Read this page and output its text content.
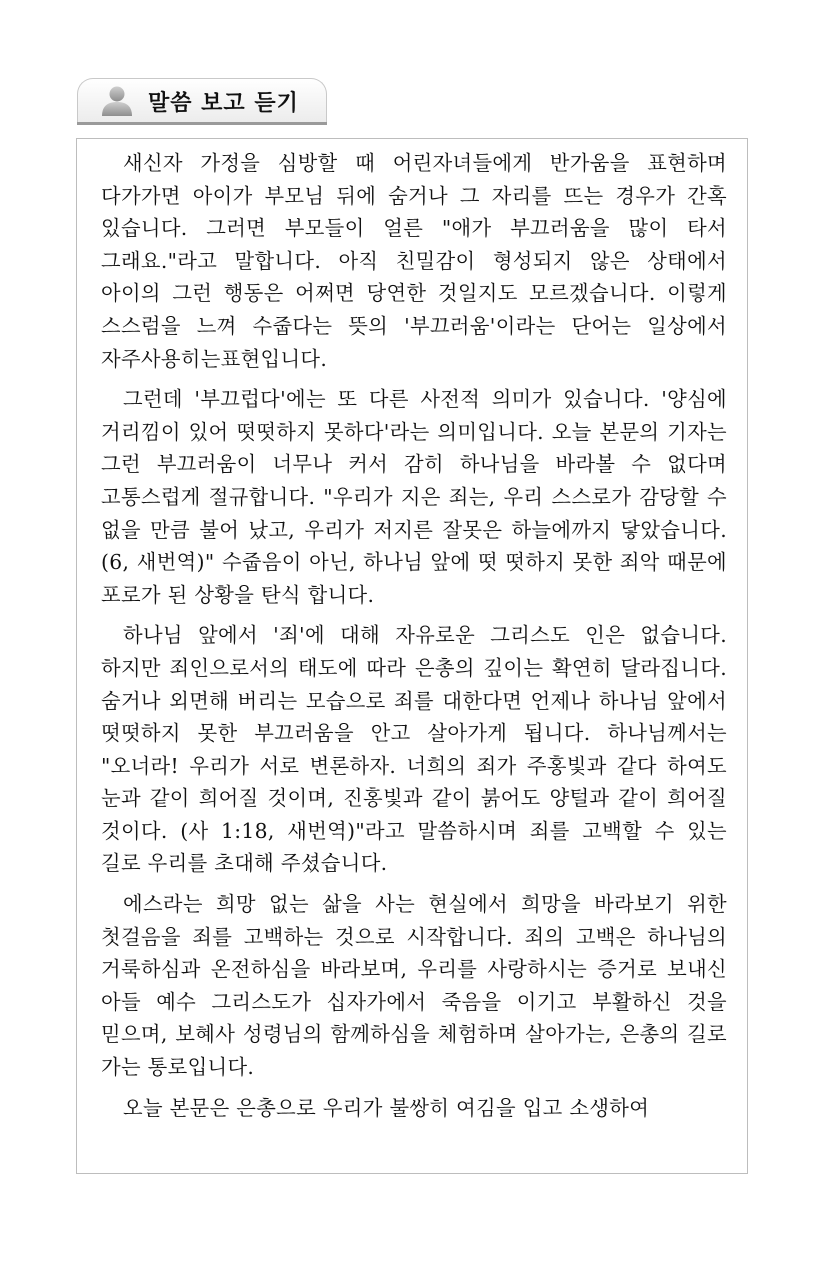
말씀 보고 듣기

새신자 가정을 심방할 때 어린자녀들에게 반가움을 표현하며 다가가면 아이가 부모님 뒤에 숨거나 그 자리를 뜨는 경우가 간혹 있습니다. 그러면 부모들이 얼른 "애가 부끄러움을 많이 타서 그래요."라고 말합니다. 아직 친밀감이 형성되지 않은 상태에서 아이의 그런 행동은 어쩌면 당연한 것일지도 모르겠습니다. 이렇게 스스럼을 느껴 수줍다는 뜻의 '부끄러움'이라는 단어는 일상에서 자주사용히는표현입니다.

그런데 '부끄럽다'에는 또 다른 사전적 의미가 있습니다. '양심에 거리낌이 있어 떳떳하지 못하다'라는 의미입니다. 오늘 본문의 기자는 그런 부끄러움이 너무나 커서 감히 하나님을 바라볼 수 없다며 고통스럽게 절규합니다. "우리가 지은 죄는, 우리 스스로가 감당할 수 없을 만큼 불어 났고, 우리가 저지른 잘못은 하늘에까지 닿았습니다. (6, 새번역)" 수줍음이 아닌, 하나님 앞에 떳 떳하지 못한 죄악 때문에 포로가 된 상황을 탄식 합니다.

하나님 앞에서 '죄'에 대해 자유로운 그리스도 인은 없습니다. 하지만 죄인으로서의 태도에 따라 은총의 깊이는 확연히 달라집니다. 숨거나 외면해 버리는 모습으로 죄를 대한다면 언제나 하나님 앞에서 떳떳하지 못한 부끄러움을 안고 살아가게 됩니다. 하나님께서는 "오너라! 우리가 서로 변론하자. 너희의 죄가 주홍빛과 같다 하여도 눈과 같이 희어질 것이며, 진홍빛과 같이 붉어도 양털과 같이 희어질 것이다. (사 1:18, 새번역)"라고 말씀하시며 죄를 고백할 수 있는 길로 우리를 초대해 주셨습니다.

에스라는 희망 없는 삶을 사는 현실에서 희망을 바라보기 위한 첫걸음을 죄를 고백하는 것으로 시작합니다. 죄의 고백은 하나님의 거룩하심과 온전하심을 바라보며, 우리를 사랑하시는 증거로 보내신 아들 예수 그리스도가 십자가에서 죽음을 이기고 부활하신 것을 믿으며, 보혜사 성령님의 함께하심을 체험하며 살아가는, 은총의 길로 가는 통로입니다.

오늘 본문은 은총으로 우리가 불쌍히 여김을 입고 소생하여
